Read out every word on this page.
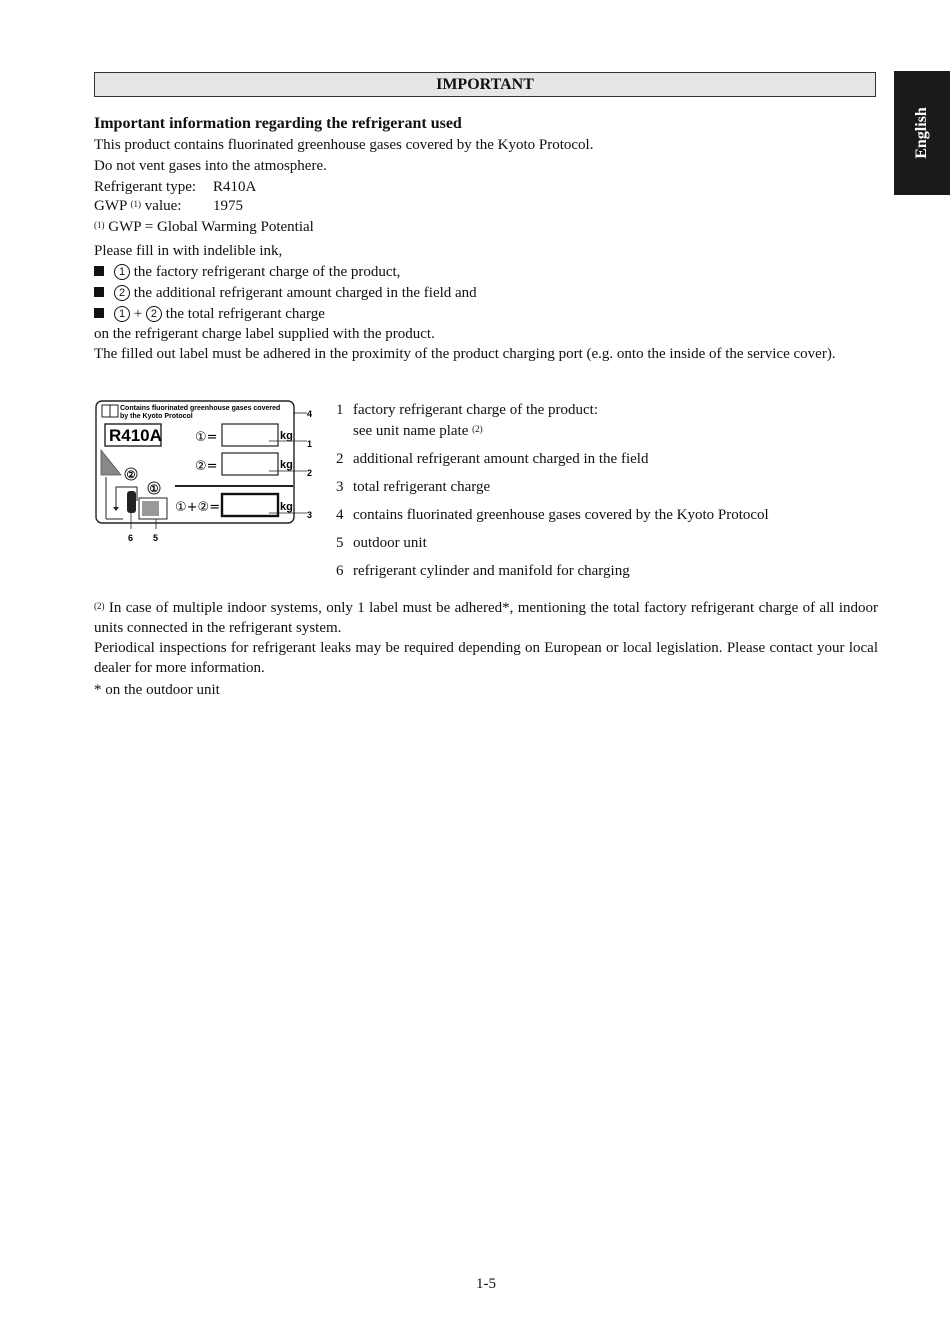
English
IMPORTANT
Important information regarding the refrigerant used
This product contains fluorinated greenhouse gases covered by the Kyoto Protocol.
Do not vent gases into the atmosphere.
Refrigerant type: R410A
GWP $^{(1)}$ value: 1975
$^{(1)}$ GWP = Global Warming Potential
Please fill in with indelible ink,
1 the factory refrigerant charge of the product,
2 the additional refrigerant amount charged in the field and
1 + 2 the total refrigerant charge
on the refrigerant charge label supplied with the product.
The filled out label must be adhered in the proximity of the product charging port (e.g. onto the inside of the service cover).
Contains fluorinated greenhouse gases covered
by the Kyoto Protocol
R410A	①=	kg
②=	kg
①+②=	kg
②
①
4
1
2
3
6 5
1 factory refrigerant charge of the product:
see unit name plate $^{(2)}$
2 additional refrigerant amount charged in the field
3 total refrigerant charge
4 contains fluorinated greenhouse gases covered by the Kyoto Protocol
5 outdoor unit
6 refrigerant cylinder and manifold for charging
$^{(2)}$ In case of multiple indoor systems, only 1 label must be adhered*, mentioning the total factory refrigerant charge of all indoor units connected in the refrigerant system.
Periodical inspections for refrigerant leaks may be required depending on European or local legislation. Please contact your local dealer for more information.
* on the outdoor unit
1-5
